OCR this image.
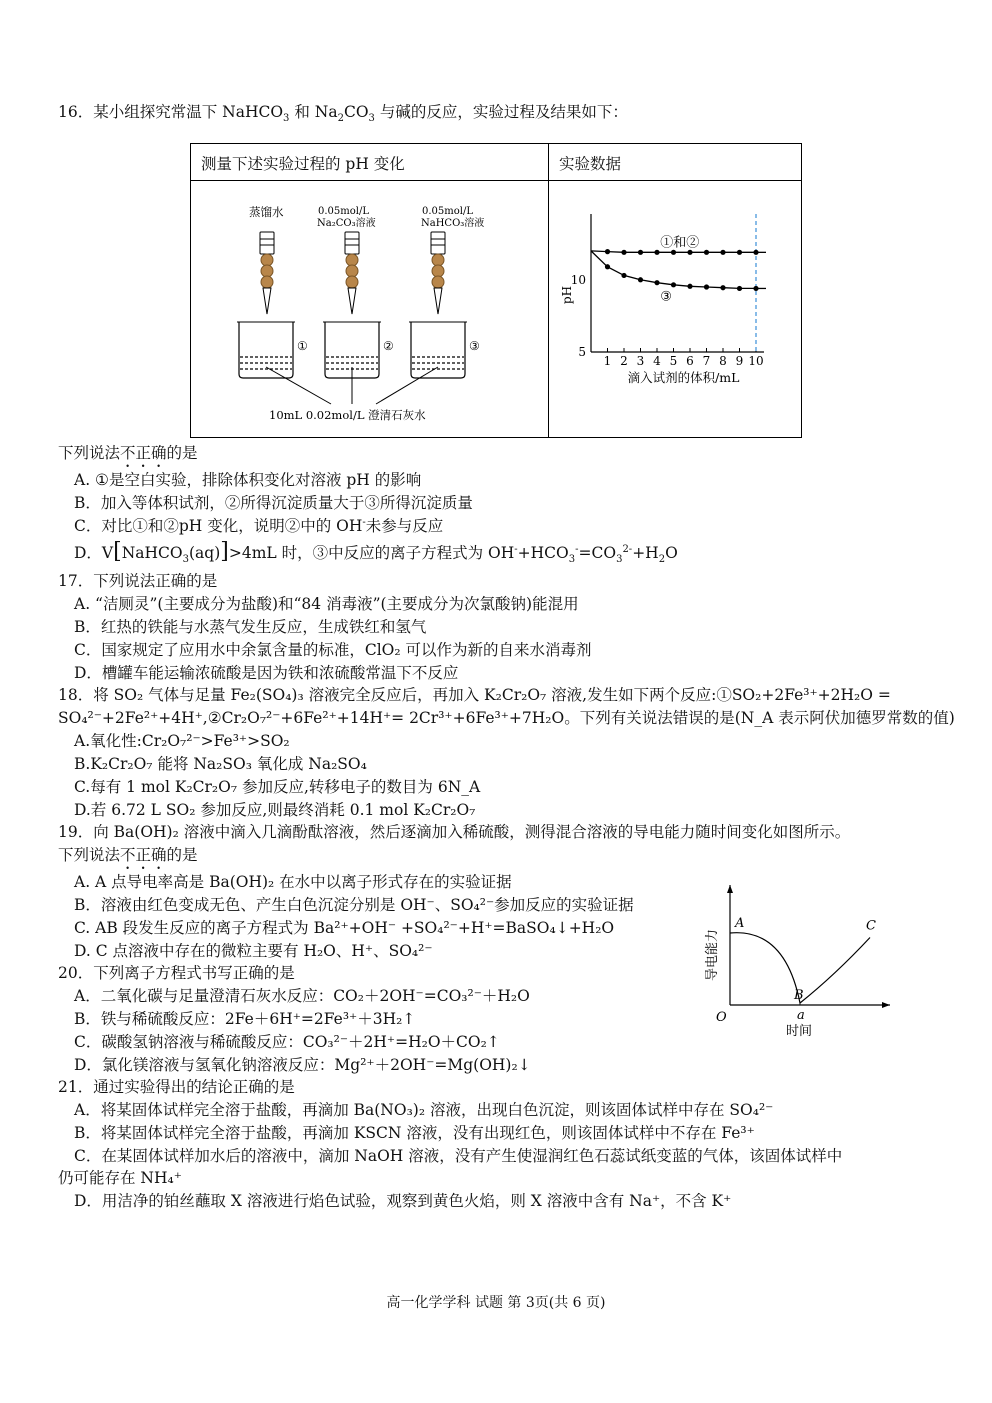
16．某小组探究常温下 NaHCO$_3$ 和 $Na_2CO_3$ 与碱的反应，实验过程及结果如下：
测量下述实验过程的 pH 变化	实验数据
蒸馏水	0.05mol/L
Na₂CO₃溶液
0.05mol/L
NaHCO₃溶液
①	②	③
10mL 0.02mol/L 澄清石灰水
1 2 3 4 5 6 7 8 9 10
5
10
pH
滴入试剂的体积/mL
①和②
③
下列说法不正确的是
A. ①是空白实验，排除体积变化对溶液 pH 的影响
B．加入等体积试剂，②所得沉淀质量大于③所得沉淀质量
C．对比①和②pH 变化，说明②中的 OH-未参与反应
D．V[NaHCO$_3$(aq)]>4mL 时，③中反应的离子方程式为 $OH^-+HCO_3^-=CO_3^{2-}+H_2O$
17．下列说法正确的是
A. “洁厕灵”(主要成分为盐酸)和“84 消毒液”(主要成分为次氯酸钠)能混用
B．红热的铁能与水蒸气发生反应，生成铁红和氢气
C．国家规定了应用水中余氯含量的标准，ClO₂ 可以作为新的自来水消毒剂
D．槽罐车能运输浓硫酸是因为铁和浓硫酸常温下不反应
18．将 SO₂ 气体与足量 Fe₂(SO₄)₃ 溶液完全反应后，再加入 K₂Cr₂O₇ 溶液,发生如下两个反应:①SO₂+2Fe³⁺+2H₂O =
SO₄²⁻+2Fe²⁺+4H⁺,②Cr₂O₇²⁻+6Fe²⁺+14H⁺= 2Cr³⁺+6Fe³⁺+7H₂O。下列有关说法错误的是(N_A 表示阿伏加德罗常数的值)
A.氧化性:Cr₂O₇²⁻>Fe³⁺>SO₂
B.K₂Cr₂O₇ 能将 Na₂SO₃ 氧化成 Na₂SO₄
C.每有 1 mol K₂Cr₂O₇ 参加反应,转移电子的数目为 6N_A
D.若 6.72 L SO₂ 参加反应,则最终消耗 0.1 mol K₂Cr₂O₇
19．向 Ba(OH)₂ 溶液中滴入几滴酚酞溶液，然后逐滴加入稀硫酸，测得混合溶液的导电能力随时间变化如图所示。
下列说法不正确的是
A. A 点导电率高是 Ba(OH)₂ 在水中以离子形式存在的实验证据
B．溶液由红色变成无色、产生白色沉淀分别是 OH⁻、SO₄²⁻参加反应的实验证据
C. AB 段发生反应的离子方程式为 Ba²⁺+OH⁻ +SO₄²⁻+H⁺=BaSO₄↓+H₂O
D. C 点溶液中存在的微粒主要有 H₂O、H⁺、SO₄²⁻
A
B
C
O	a
时间
导电能力
20．下列离子方程式书写正确的是
A．二氧化碳与足量澄清石灰水反应：CO₂＋2OH⁻=CO₃²⁻＋H₂O
B．铁与稀硫酸反应：2Fe＋6H⁺=2Fe³⁺＋3H₂↑
C．碳酸氢钠溶液与稀硫酸反应：CO₃²⁻＋2H⁺=H₂O＋CO₂↑
D．氯化镁溶液与氢氧化钠溶液反应：Mg²⁺＋2OH⁻=Mg(OH)₂↓
21．通过实验得出的结论正确的是
A．将某固体试样完全溶于盐酸，再滴加 Ba(NO₃)₂ 溶液，出现白色沉淀，则该固体试样中存在 SO₄²⁻
B．将某固体试样完全溶于盐酸，再滴加 KSCN 溶液，没有出现红色，则该固体试样中不存在 Fe³⁺
C．在某固体试样加水后的溶液中，滴加 NaOH 溶液，没有产生使湿润红色石蕊试纸变蓝的气体，该固体试样中
仍可能存在 NH₄⁺
D．用洁净的铂丝蘸取 X 溶液进行焰色试验，观察到黄色火焰，则 X 溶液中含有 Na⁺，不含 K⁺
高一化学学科 试题 第 3页(共 6 页)
